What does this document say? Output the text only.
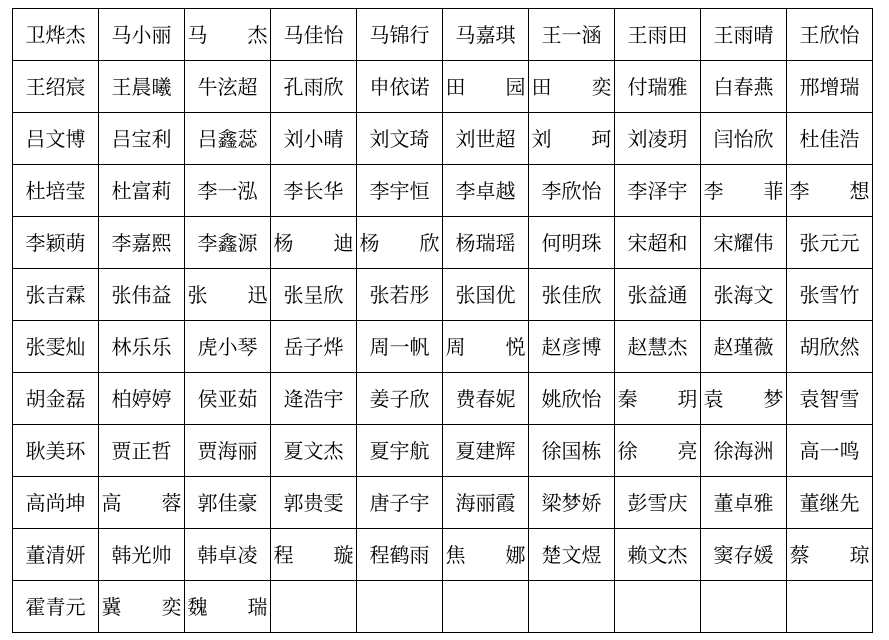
卫烨杰	马小丽	马　　杰	马佳怡	马锦行	马嘉琪	王一涵	王雨田	王雨晴	王欣怡
王绍宸	王晨曦	牛泫超	孔雨欣	申依诺	田　　园	田　　奕	付瑞雅	白春燕	邢增瑞
吕文博	吕宝利	吕鑫蕊	刘小晴	刘文琦	刘世超	刘　　珂	刘凌玥	闫怡欣	杜佳浩
杜培莹	杜富莉	李一泓	李长华	李宇恒	李卓越	李欣怡	李泽宇	李　　菲	李　　想
李颖萌	李嘉熙	李鑫源	杨　　迪	杨　　欣	杨瑞瑶	何明珠	宋超和	宋耀伟	张元元
张吉霖	张伟益	张　　迅	张呈欣	张若彤	张国优	张佳欣	张益通	张海文	张雪竹
张雯灿	林乐乐	虎小琴	岳子烨	周一帆	周　　悦	赵彦博	赵慧杰	赵瑾薇	胡欣然
胡金磊	柏婷婷	侯亚茹	逄浩宇	姜子欣	费春妮	姚欣怡	秦　　玥	袁　　梦	袁智雪
耿美环	贾正哲	贾海丽	夏文杰	夏宇航	夏建辉	徐国栋	徐　　亮	徐海洲	高一鸣
高尚坤	高　　蓉	郭佳豪	郭贵雯	唐子宇	海丽霞	梁梦娇	彭雪庆	董卓雅	董继先
董清妍	韩光帅	韩卓凌	程　　璇	程鹤雨	焦　　娜	楚文煜	赖文杰	窦存媛	蔡　　琼
霍青元	冀　　奕	魏　　瑞							
